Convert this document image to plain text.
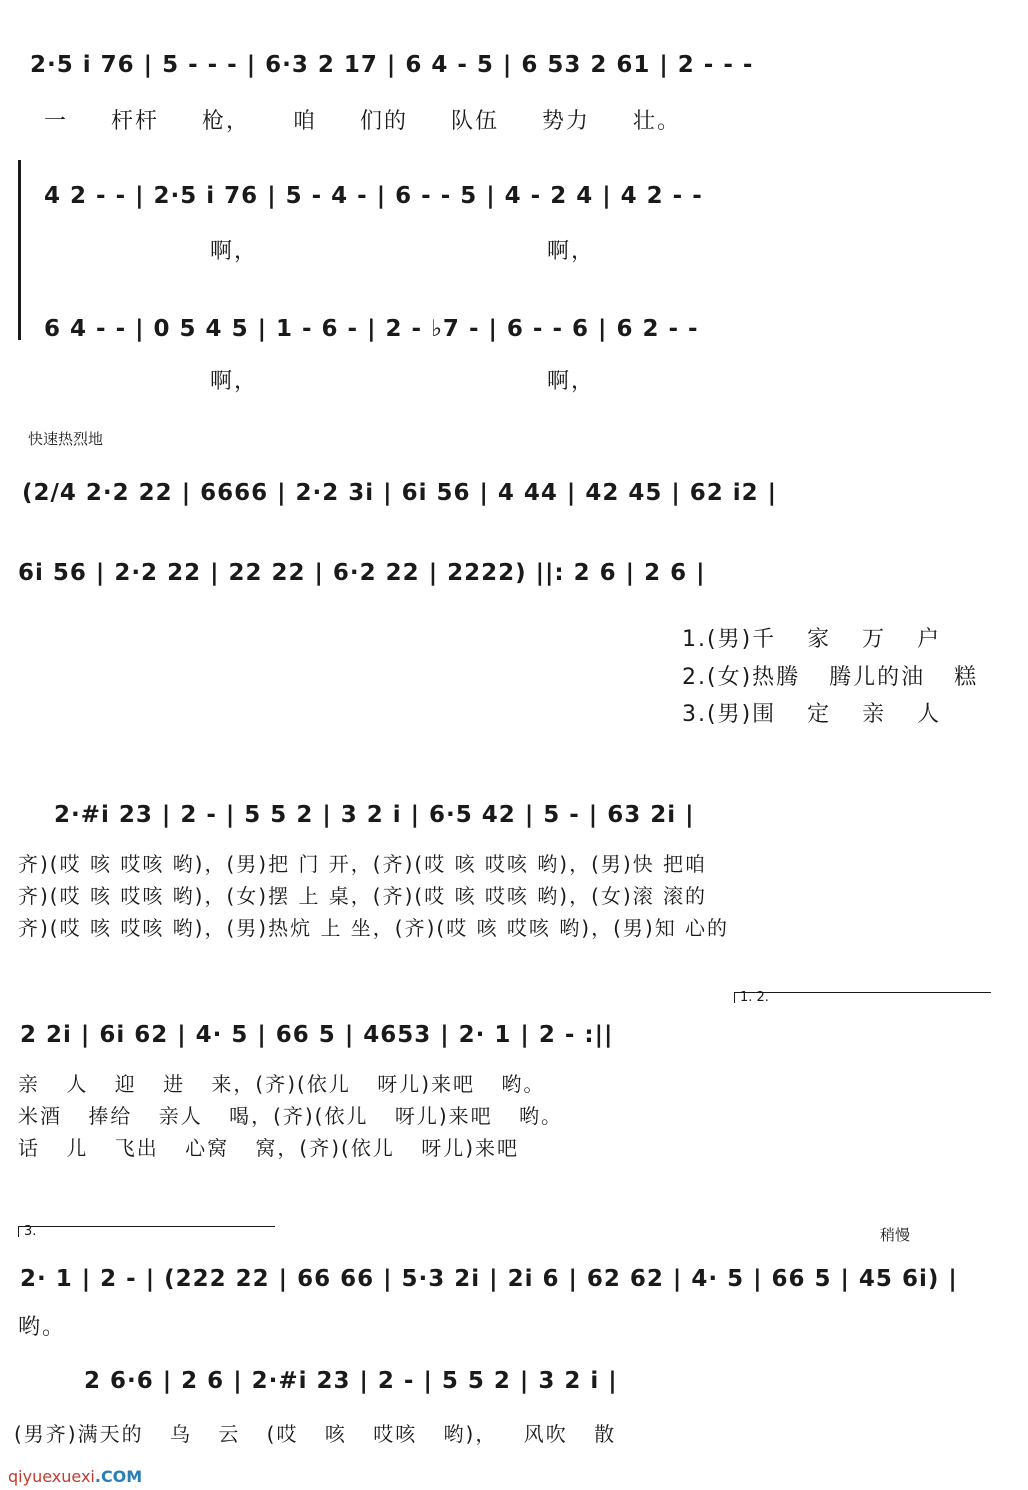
2·5 i 76 | 5 - - - | 6·3 2 17 | 6 4 - 5 | 6 53 2 61 | 2 - - -
一 杆杆 枪， 咱 们的 队伍 势力 壮。
4 2 - - | 2·5 i 76 | 5 - 4 - | 6 - - 5 | 4 - 2 4 | 4 2 - -
啊， 啊，
6 4 - - | 0 5 4 5 | 1 - 6 - | 2 - ♭7 - | 6 - - 6 | 6 2 - -
啊， 啊，
快速热烈地
(2/4 2·2 22 | 6666 | 2·2 3i | 6i 56 | 4 44 | 42 45 | 62 i2 |
6i 56 | 2·2 22 | 22 22 | 6·2 22 | 2222) ||: 2 6 | 2 6 |
1.(男)千 家 万 户
2.(女)热腾 腾儿的油 糕
3.(男)围 定 亲 人
2·#i 23 | 2 - | 5 5 2 | 3 2 i | 6·5 42 | 5 - | 63 2i |
齐)(哎 咳 哎咳 哟)，(男)把 门 开，(齐)(哎 咳 哎咳 哟)，(男)快 把咱
齐)(哎 咳 哎咳 哟)，(女)摆 上 桌，(齐)(哎 咳 哎咳 哟)，(女)滚 滚的
齐)(哎 咳 哎咳 哟)，(男)热炕 上 坐，(齐)(哎 咳 哎咳 哟)，(男)知 心的
1. 2.
2 2i | 6i 62 | 4· 5 | 66 5 | 4653 | 2· 1 | 2 - :||
亲 人 迎 进 来，(齐)(依儿 呀儿)来吧 哟。
米酒 捧给 亲人 喝，(齐)(依儿 呀儿)来吧 哟。
话 儿 飞出 心窝 窝，(齐)(依儿 呀儿)来吧
3.	稍慢
2· 1 | 2 - | (222 22 | 66 66 | 5·3 2i | 2i 6 | 62 62 | 4· 5 | 66 5 | 45 6i) |
哟。
2 6·6 | 2 6 | 2·#i 23 | 2 - | 5 5 2 | 3 2 i |
(男齐)满天的 乌 云 (哎 咳 哎咳 哟)， 风吹 散
qiyuexuexi.COM
